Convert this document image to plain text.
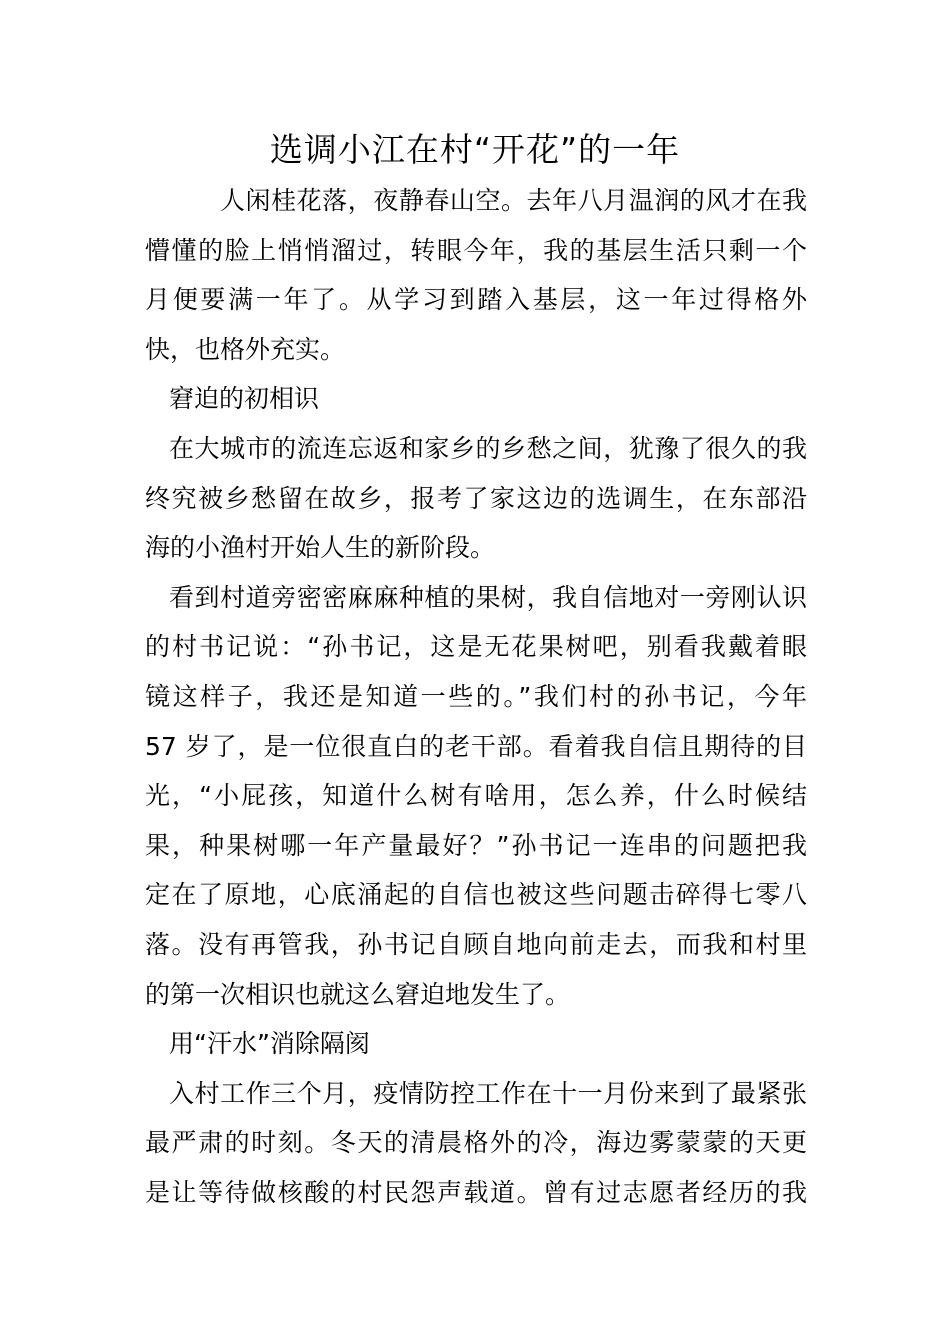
选调小江在村“开花”的一年
人闲桂花落，夜静春山空。去年八月温润的风才在我
懵懂的脸上悄悄溜过，转眼今年，我的基层生活只剩一个
月便要满一年了。从学习到踏入基层，这一年过得格外
快，也格外充实。
窘迫的初相识
在大城市的流连忘返和家乡的乡愁之间，犹豫了很久的我
终究被乡愁留在故乡，报考了家这边的选调生，在东部沿
海的小渔村开始人生的新阶段。
看到村道旁密密麻麻种植的果树，我自信地对一旁刚认识
的村书记说：“孙书记，这是无花果树吧，别看我戴着眼
镜这样子，我还是知道一些的。”我们村的孙书记，今年
57 岁了，是一位很直白的老干部。看着我自信且期待的目
光，“小屁孩，知道什么树有啥用，怎么养，什么时候结
果，种果树哪一年产量最好？”孙书记一连串的问题把我
定在了原地，心底涌起的自信也被这些问题击碎得七零八
落。没有再管我，孙书记自顾自地向前走去，而我和村里
的第一次相识也就这么窘迫地发生了。
用“汗水”消除隔阂
入村工作三个月，疫情防控工作在十一月份来到了最紧张
最严肃的时刻。冬天的清晨格外的冷，海边雾蒙蒙的天更
是让等待做核酸的村民怨声载道。曾有过志愿者经历的我
